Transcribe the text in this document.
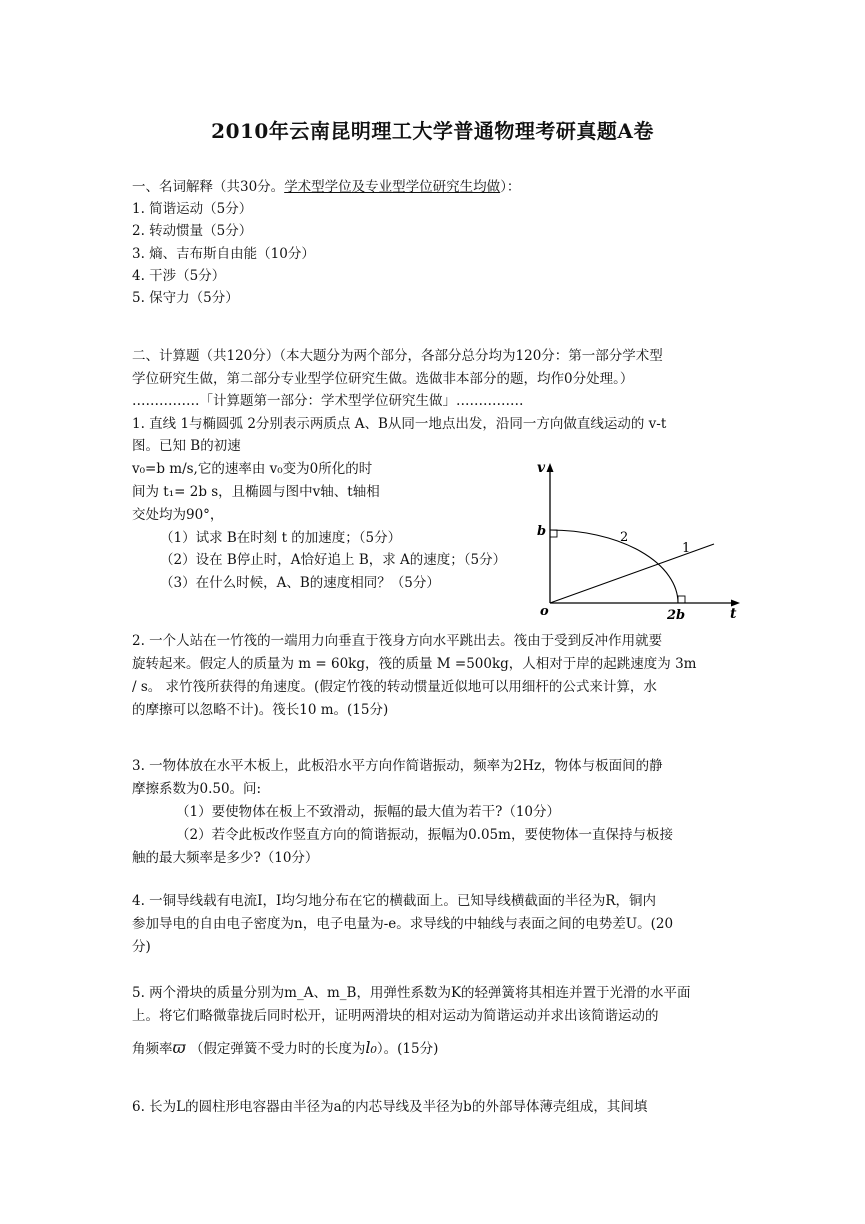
2010年云南昆明理工大学普通物理考研真题A卷
一、名词解释（共30分。学术型学位及专业型学位研究生均做）：
1. 简谐运动（5分）
2. 转动惯量（5分）
3. 熵、吉布斯自由能（10分）
4. 干涉（5分）
5. 保守力（5分）
二、计算题（共120分）（本大题分为两个部分，各部分总分均为120分：第一部分学术型
学位研究生做，第二部分专业型学位研究生做。选做非本部分的题，均作0分处理。）
……………「计算题第一部分：学术型学位研究生做」……………
1. 直线 1与椭圆弧 2分别表示两质点 A、B从同一地点出发，沿同一方向做直线运动的 v-t
图。已知 B的初速
v₀=b m/s,它的速率由 v₀变为0所化的时
间为 t₁= 2b s，且椭圆与图中v轴、t轴相
交处均为90°，
（1）试求 B在时刻 t 的加速度；（5分）
（2）设在 B停止时，A恰好追上 B，求 A的速度；（5分）
（3）在什么时候，A、B的速度相同？（5分）
v
t
o
b
2b
2
1
2. 一个人站在一竹筏的一端用力向垂直于筏身方向水平跳出去。筏由于受到反冲作用就要
旋转起来。假定人的质量为 m = 60kg，筏的质量 M =500kg，人相对于岸的起跳速度为 3m
/ s。 求竹筏所获得的角速度。(假定竹筏的转动惯量近似地可以用细杆的公式来计算，水
的摩擦可以忽略不计)。筏长10 m。(15分)
3. 一物体放在水平木板上，此板沿水平方向作简谐振动，频率为2Hz，物体与板面间的静
摩擦系数为0.50。问:
（1）要使物体在板上不致滑动，振幅的最大值为若干?（10分）
（2）若令此板改作竖直方向的简谐振动，振幅为0.05m，要使物体一直保持与板接
触的最大频率是多少?（10分）
4. 一铜导线载有电流I，I均匀地分布在它的横截面上。已知导线横截面的半径为R，铜内
参加导电的自由电子密度为n，电子电量为-e。求导线的中轴线与表面之间的电势差U。(20
分)
5. 两个滑块的质量分别为m_A、m_B，用弹性系数为K的轻弹簧将其相连并置于光滑的水平面
上。将它们略微靠拢后同时松开，证明两滑块的相对运动为简谐运动并求出该简谐运动的
角频率ϖ （假定弹簧不受力时的长度为l₀）。(15分)
6. 长为L的圆柱形电容器由半径为a的内芯导线及半径为b的外部导体薄壳组成，其间填
